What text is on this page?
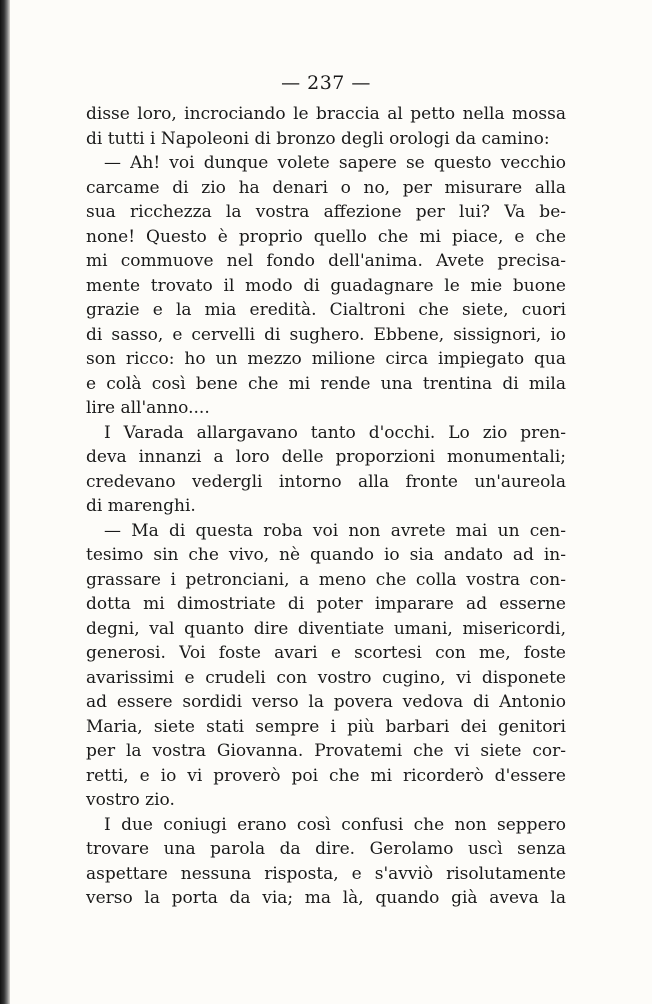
— 237 —
disse loro, incrociando le braccia al petto nella mossa
di tutti i Napoleoni di bronzo degli orologi da camino:
— Ah! voi dunque volete sapere se questo vecchio
carcame di zio ha denari o no, per misurare alla
sua ricchezza la vostra affezione per lui? Va be-
none! Questo è proprio quello che mi piace, e che
mi commuove nel fondo dell'anima. Avete precisa-
mente trovato il modo di guadagnare le mie buone
grazie e la mia eredità. Cialtroni che siete, cuori
di sasso, e cervelli di sughero. Ebbene, sissignori, io
son ricco: ho un mezzo milione circa impiegato qua
e colà così bene che mi rende una trentina di mila
lire all'anno....
I Varada allargavano tanto d'occhi. Lo zio pren-
deva innanzi a loro delle proporzioni monumentali;
credevano vedergli intorno alla fronte un'aureola
di marenghi.
— Ma di questa roba voi non avrete mai un cen-
tesimo sin che vivo, nè quando io sia andato ad in-
grassare i petronciani, a meno che colla vostra con-
dotta mi dimostriate di poter imparare ad esserne
degni, val quanto dire diventiate umani, misericordi,
generosi. Voi foste avari e scortesi con me, foste
avarissimi e crudeli con vostro cugino, vi disponete
ad essere sordidi verso la povera vedova di Antonio
Maria, siete stati sempre i più barbari dei genitori
per la vostra Giovanna. Provatemi che vi siete cor-
retti, e io vi proverò poi che mi ricorderò d'essere
vostro zio.
I due coniugi erano così confusi che non seppero
trovare una parola da dire. Gerolamo uscì senza
aspettare nessuna risposta, e s'avviò risolutamente
verso la porta da via; ma là, quando già aveva la
